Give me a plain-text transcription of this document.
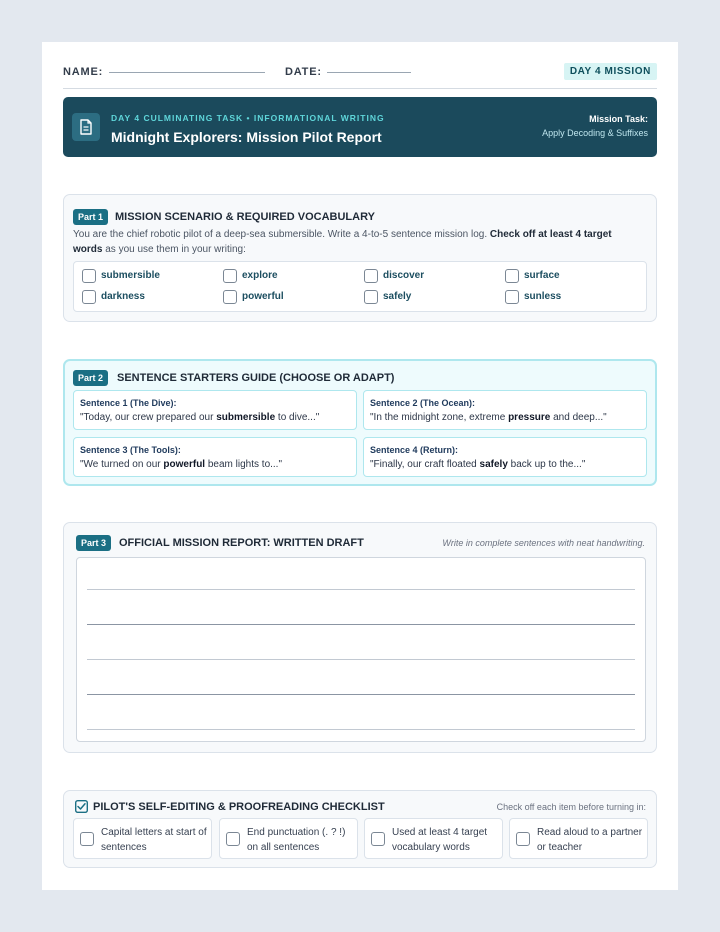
NAME:	DATE:	DAY 4 MISSION
DAY 4 CULMINATING TASK • INFORMATIONAL WRITING
Midnight Explorers: Mission Pilot Report
Mission Task:
Apply Decoding & Suffixes
Part 1	MISSION SCENARIO & REQUIRED VOCABULARY

You are the chief robotic pilot of a deep-sea submersible. Write a 4-to-5 sentence mission log. Check off at least 4 target words as you use them in your writing:

submersible	explore	discover	surface
darkness	powerful	safely	sunless
Part 2	SENTENCE STARTERS GUIDE (CHOOSE OR ADAPT)
Sentence 1 (The Dive):
"Today, our crew prepared our submersible to dive..."
Sentence 2 (The Ocean):
"In the midnight zone, extreme pressure and deep..."
Sentence 3 (The Tools):
"We turned on our powerful beam lights to..."
Sentence 4 (Return):
"Finally, our craft floated safely back up to the..."
Part 3	OFFICIAL MISSION REPORT: WRITTEN DRAFT	Write in complete sentences with neat handwriting.
PILOT'S SELF-EDITING & PROOFREADING CHECKLIST	Check off each item before turning in:
Capital letters at start of sentences
End punctuation (. ? !) on all sentences
Used at least 4 target vocabulary words
Read aloud to a partner or teacher
